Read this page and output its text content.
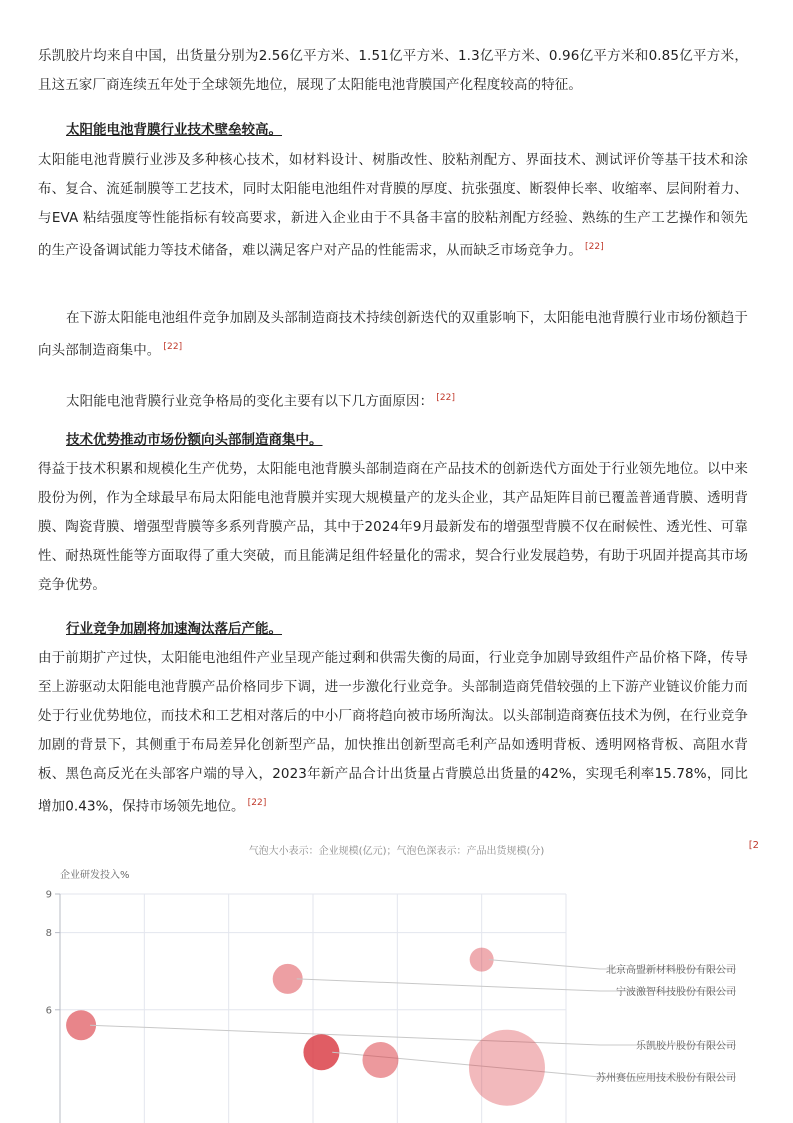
乐凯胶片均来自中国，出货量分别为2.56亿平方米、1.51亿平方米、1.3亿平方米、0.96亿平方米和0.85亿平方米，且这五家厂商连续五年处于全球领先地位，展现了太阳能电池背膜国产化程度较高的特征。

太阳能电池背膜行业技术壁垒较高。

太阳能电池背膜行业涉及多种核心技术，如材料设计、树脂改性、胶粘剂配方、界面技术、测试评价等基干技术和涂布、复合、流延制膜等工艺技术，同时太阳能电池组件对背膜的厚度、抗张强度、断裂伸长率、收缩率、层间附着力、与EVA 粘结强度等性能指标有较高要求，新进入企业由于不具备丰富的胶粘剂配方经验、熟练的生产工艺操作和领先的生产设备调试能力等技术储备，难以满足客户对产品的性能需求，从而缺乏市场竞争力。 [22]

在下游太阳能电池组件竞争加剧及头部制造商技术持续创新迭代的双重影响下，太阳能电池背膜行业市场份额趋于向头部制造商集中。 [22]

太阳能电池背膜行业竞争格局的变化主要有以下几方面原因： [22]

技术优势推动市场份额向头部制造商集中。

得益于技术积累和规模化生产优势，太阳能电池背膜头部制造商在产品技术的创新迭代方面处于行业领先地位。以中来股份为例，作为全球最早布局太阳能电池背膜并实现大规模量产的龙头企业，其产品矩阵目前已覆盖普通背膜、透明背膜、陶瓷背膜、增强型背膜等多系列背膜产品，其中于2024年9月最新发布的增强型背膜不仅在耐候性、透光性、可靠性、耐热斑性能等方面取得了重大突破，而且能满足组件轻量化的需求，契合行业发展趋势，有助于巩固并提高其市场竞争优势。

行业竞争加剧将加速淘汰落后产能。

由于前期扩产过快，太阳能电池组件产业呈现产能过剩和供需失衡的局面，行业竞争加剧导致组件产品价格下降，传导至上游驱动太阳能电池背膜产品价格同步下调，进一步激化行业竞争。头部制造商凭借较强的上下游产业链议价能力而处于行业优势地位，而技术和工艺相对落后的中小厂商将趋向被市场所淘汰。以头部制造商赛伍技术为例，在行业竞争加剧的背景下，其侧重于布局差异化创新型产品，加快推出创新型高毛利产品如透明背板、透明网格背板、高阻水背板、黑色高反光在头部客户端的导入，2023年新产品合计出货量占背膜总出货量的42%，实现毛利率15.78%，同比增加0.43%，保持市场领先地位。 [22]

气泡大小表示：企业规模(亿元)；气泡色深表示：产品出货规模(分)
[2
企业研发投入%
9
8
6
北京高盟新材料股份有限公司
宁波激智科技股份有限公司
乐凯胶片股份有限公司
苏州赛伍应用技术股份有限公司
